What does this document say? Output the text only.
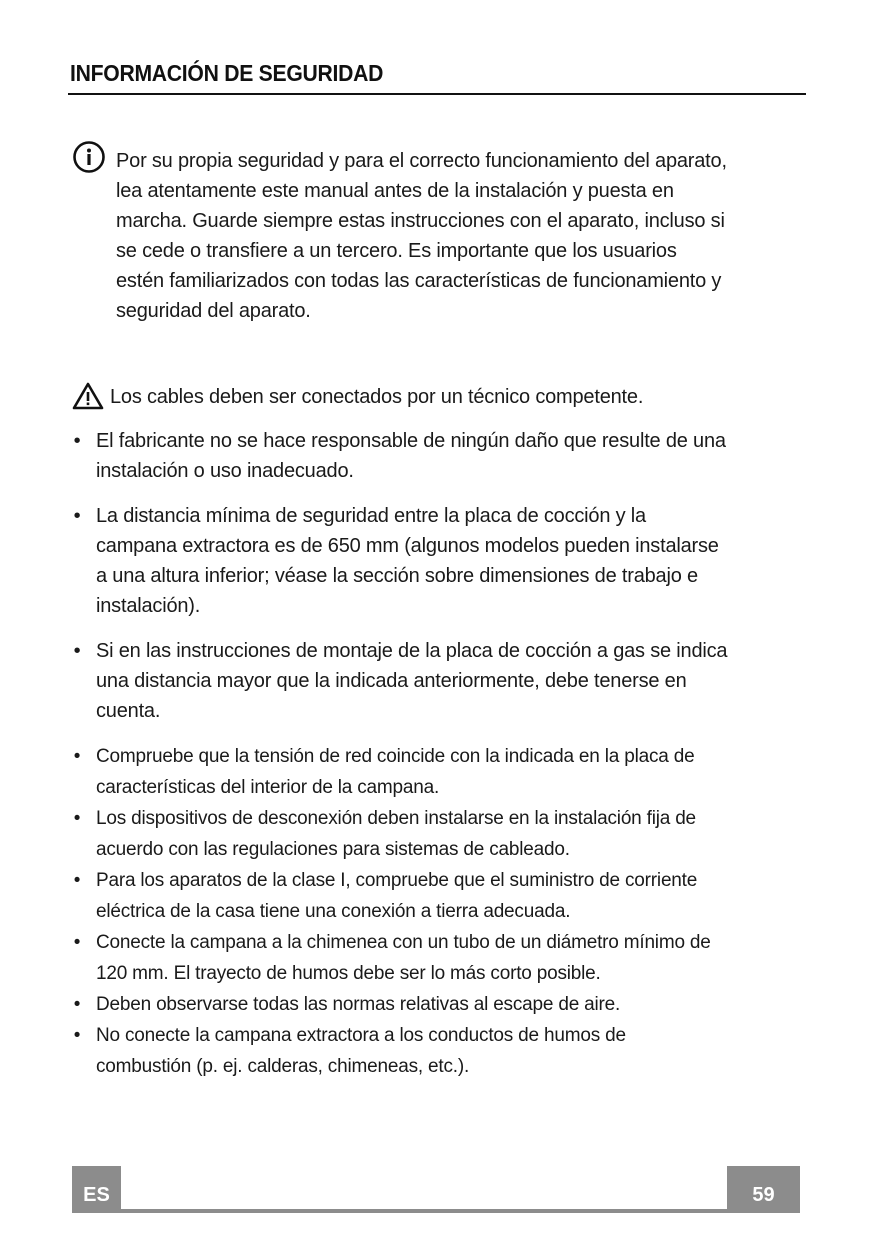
INFORMACIÓN DE SEGURIDAD
Por su propia seguridad y para el correcto funcionamiento del aparato,
lea atentamente este manual antes de la instalación y puesta en
marcha. Guarde siempre estas instrucciones con el aparato, incluso si
se cede o transfiere a un tercero. Es importante que los usuarios
estén familiarizados con todas las características de funcionamiento y
seguridad del aparato.
Los cables deben ser conectados por un técnico competente.
• El fabricante no se hace responsable de ningún daño que resulte de una
instalación o uso inadecuado.
• La distancia mínima de seguridad entre la placa de cocción y la
campana extractora es de 650 mm (algunos modelos pueden instalarse
a una altura inferior; véase la sección sobre dimensiones de trabajo e
instalación).
• Si en las instrucciones de montaje de la placa de cocción a gas se indica
una distancia mayor que la indicada anteriormente, debe tenerse en
cuenta.
• Compruebe que la tensión de red coincide con la indicada en la placa de
características del interior de la campana.
• Los dispositivos de desconexión deben instalarse en la instalación fija de
acuerdo con las regulaciones para sistemas de cableado.
• Para los aparatos de la clase I, compruebe que el suministro de corriente
eléctrica de la casa tiene una conexión a tierra adecuada.
• Conecte la campana a la chimenea con un tubo de un diámetro mínimo de
120 mm. El trayecto de humos debe ser lo más corto posible.
• Deben observarse todas las normas relativas al escape de aire.
• No conecte la campana extractora a los conductos de humos de
combustión (p. ej. calderas, chimeneas, etc.).
ES	59
